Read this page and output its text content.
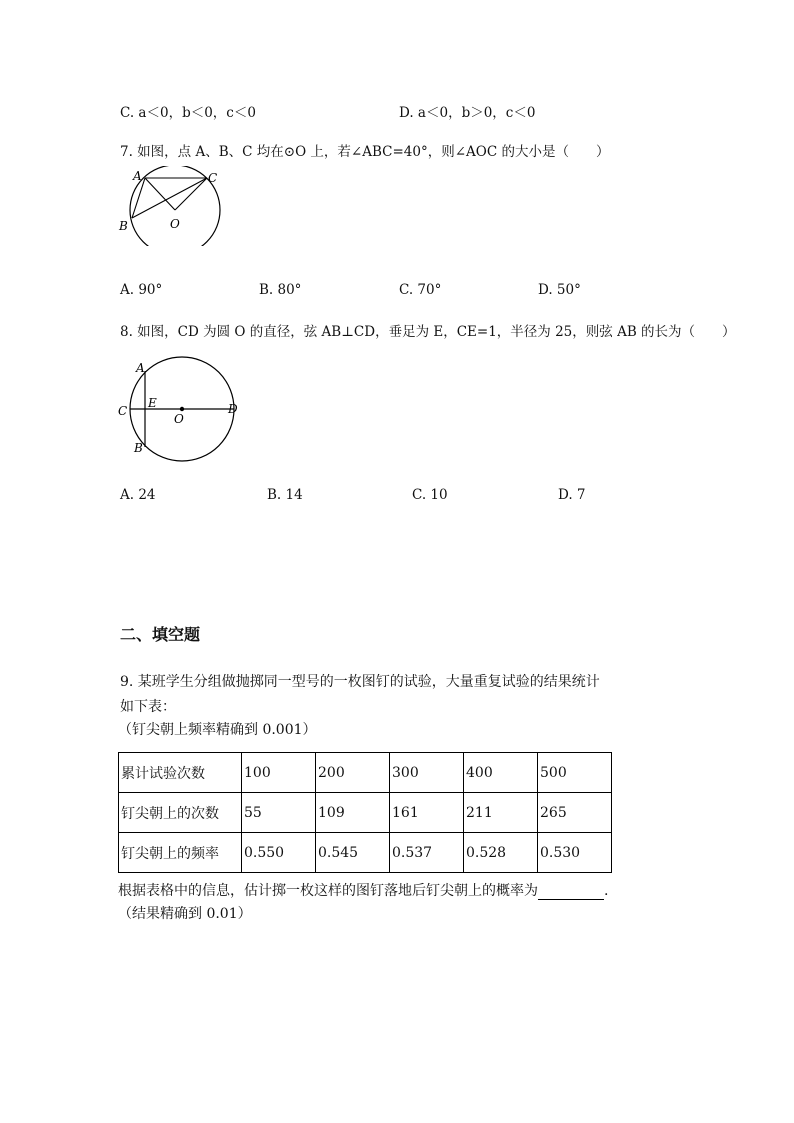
C. a＜0，b＜0，c＜0	D. a＜0，b＞0，c＜0
7. 如图，点 A、B、C 均在⊙O 上，若∠ABC=40°，则∠AOC 的大小是（　　）
A	C
B	O
A. 90°	B. 80°	C. 70°	D. 50°
8. 如图，CD 为圆 O 的直径，弦 AB⊥CD，垂足为 E，CE=1，半径为 25，则弦 AB 的长为（　　）
A
C
E
O
D
B
A. 24	B. 14	C. 10	D. 7
二、填空题
9. 某班学生分组做抛掷同一型号的一枚图钉的试验，大量重复试验的结果统计
如下表：
（钉尖朝上频率精确到 0.001）
累计试验次数	100	200	300	400	500
钉尖朝上的次数	55	109	161	211	265
钉尖朝上的频率	0.550	0.545	0.537	0.528	0.530
根据表格中的信息，估计掷一枚这样的图钉落地后钉尖朝上的概率为	.
（结果精确到 0.01）
